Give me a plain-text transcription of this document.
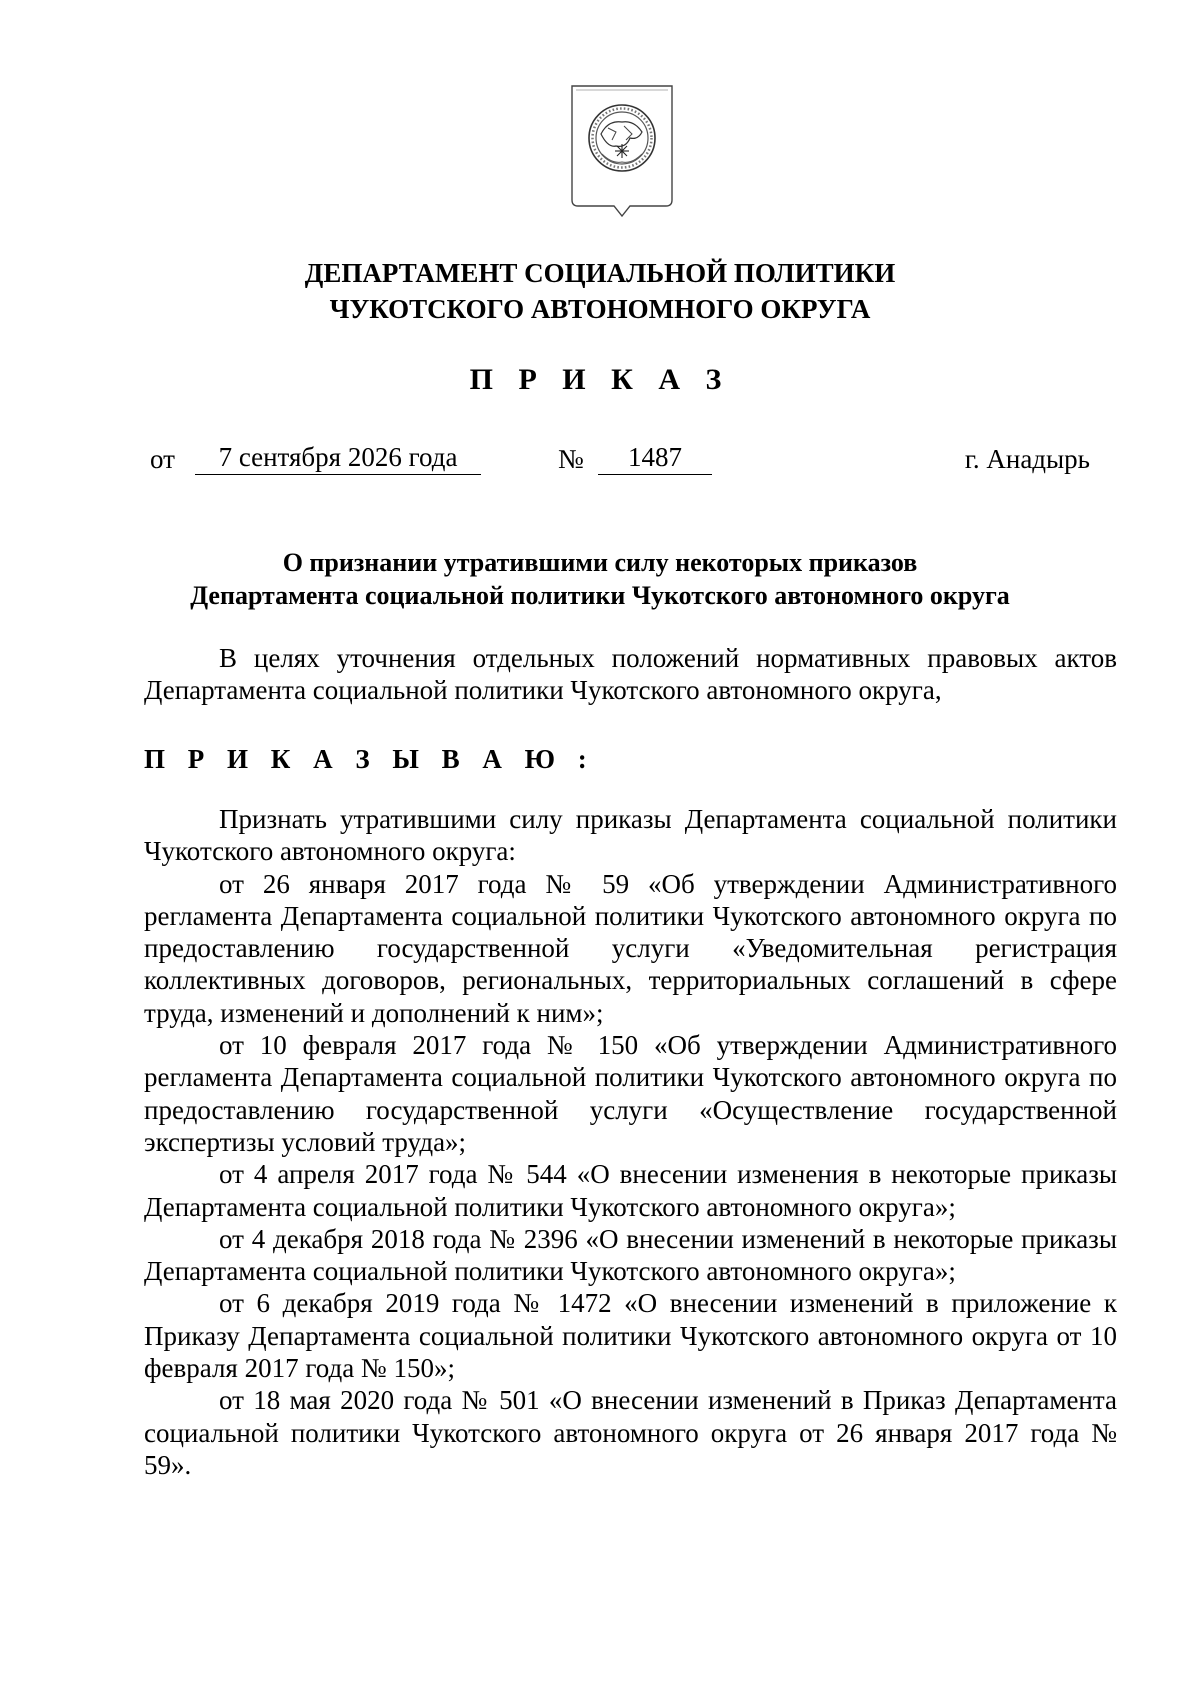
ДЕПАРТАМЕНТ СОЦИАЛЬНОЙ ПОЛИТИКИ
ЧУКОТСКОГО АВТОНОМНОГО ОКРУГА
П Р И К А З
от	7 сентября 2026 года	№	1487	г. Анадырь
О признании утратившими силу некоторых приказов
Департамента социальной политики Чукотского автономного округа

В целях уточнения отдельных положений нормативных правовых актов Департамента социальной политики Чукотского автономного округа,

П Р И К А З Ы В А Ю :

Признать утратившими силу приказы Департамента социальной политики Чукотского автономного округа:

от 26 января 2017 года № 59 «Об утверждении Административного регламента Департамента социальной политики Чукотского автономного округа по предоставлению государственной услуги «Уведомительная регистрация коллективных договоров, региональных, территориальных соглашений в сфере труда, изменений и дополнений к ним»;

от 10 февраля 2017 года № 150 «Об утверждении Административного регламента Департамента социальной политики Чукотского автономного округа по предоставлению государственной услуги «Осуществление государственной экспертизы условий труда»;

от 4 апреля 2017 года № 544 «О внесении изменения в некоторые приказы Департамента социальной политики Чукотского автономного округа»;

от 4 декабря 2018 года № 2396 «О внесении изменений в некоторые приказы Департамента социальной политики Чукотского автономного округа»;

от 6 декабря 2019 года № 1472 «О внесении изменений в приложение к Приказу Департамента социальной политики Чукотского автономного округа от 10 февраля 2017 года № 150»;

от 18 мая 2020 года № 501 «О внесении изменений в Приказ Департамента социальной политики Чукотского автономного округа от 26 января 2017 года № 59».
